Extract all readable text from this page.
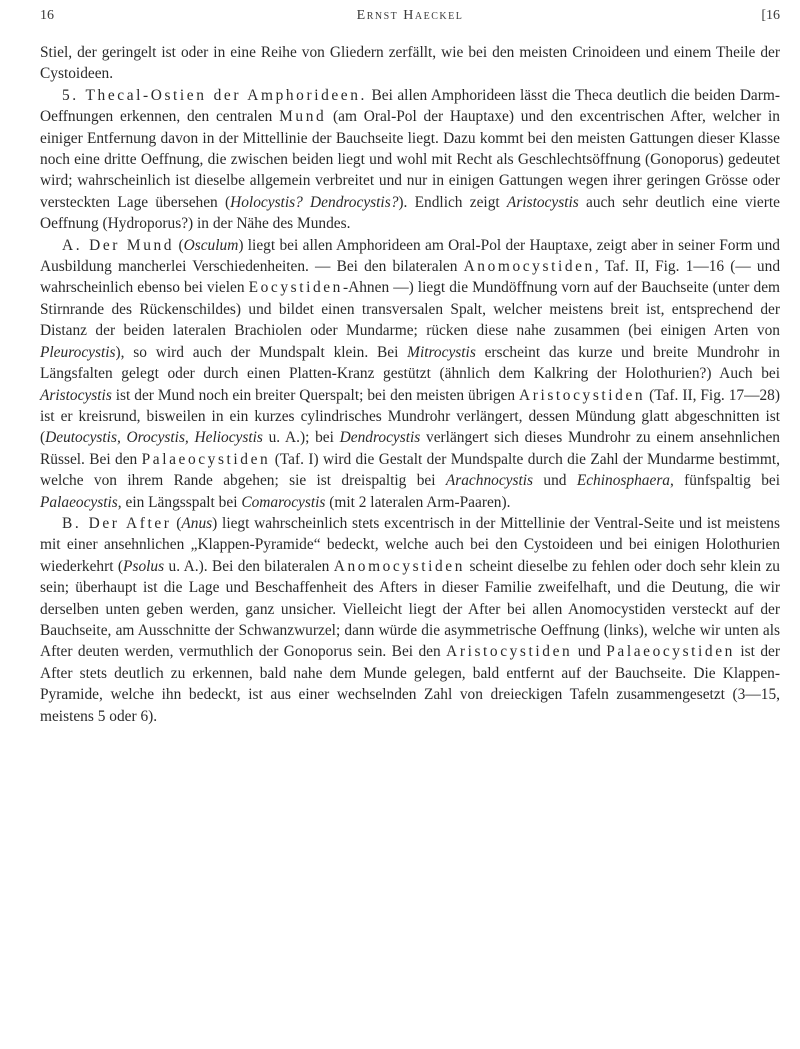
16	Ernst Haeckel	[16

Stiel, der geringelt ist oder in eine Reihe von Gliedern zerfällt, wie bei den meisten Crinoideen und einem Theile der Cystoideen.

5. Thecal-Ostien der Amphorideen. Bei allen Amphorideen lässt die Theca deutlich die beiden Darm-Oeffnungen erkennen, den centralen Mund (am Oral-Pol der Hauptaxe) und den excentrischen After, welcher in einiger Entfernung davon in der Mittellinie der Bauchseite liegt. Dazu kommt bei den meisten Gattungen dieser Klasse noch eine dritte Oeffnung, die zwischen beiden liegt und wohl mit Recht als Geschlechtsöffnung (Gonoporus) gedeutet wird; wahrscheinlich ist dieselbe allgemein verbreitet und nur in einigen Gattungen wegen ihrer geringen Grösse oder versteckten Lage übersehen (Holocystis? Dendrocystis?). Endlich zeigt Aristocystis auch sehr deutlich eine vierte Oeffnung (Hydroporus?) in der Nähe des Mundes.

A. Der Mund (Osculum) liegt bei allen Amphorideen am Oral-Pol der Hauptaxe, zeigt aber in seiner Form und Ausbildung mancherlei Verschiedenheiten. — Bei den bilateralen Anomocystiden, Taf. II, Fig. 1—16 (— und wahrscheinlich ebenso bei vielen Eocystiden-Ahnen —) liegt die Mundöffnung vorn auf der Bauchseite (unter dem Stirnrande des Rückenschildes) und bildet einen transversalen Spalt, welcher meistens breit ist, entsprechend der Distanz der beiden lateralen Brachiolen oder Mundarme; rücken diese nahe zusammen (bei einigen Arten von Pleurocystis), so wird auch der Mundspalt klein. Bei Mitrocystis erscheint das kurze und breite Mundrohr in Längsfalten gelegt oder durch einen Platten-Kranz gestützt (ähnlich dem Kalkring der Holothurien?) Auch bei Aristocystis ist der Mund noch ein breiter Querspalt; bei den meisten übrigen Aristocystiden (Taf. II, Fig. 17—28) ist er kreisrund, bisweilen in ein kurzes cylindrisches Mundrohr verlängert, dessen Mündung glatt abgeschnitten ist (Deutocystis, Orocystis, Heliocystis u. A.); bei Dendrocystis verlängert sich dieses Mundrohr zu einem ansehnlichen Rüssel. Bei den Palaeocystiden (Taf. I) wird die Gestalt der Mundspalte durch die Zahl der Mundarme bestimmt, welche von ihrem Rande abgehen; sie ist dreispaltig bei Arachnocystis und Echinosphaera, fünfspaltig bei Palaeocystis, ein Längsspalt bei Comarocystis (mit 2 lateralen Arm-Paaren).

B. Der After (Anus) liegt wahrscheinlich stets excentrisch in der Mittellinie der Ventral-Seite und ist meistens mit einer ansehnlichen „Klappen-Pyramide“ bedeckt, welche auch bei den Cystoideen und bei einigen Holothurien wiederkehrt (Psolus u. A.). Bei den bilateralen Anomocystiden scheint dieselbe zu fehlen oder doch sehr klein zu sein; überhaupt ist die Lage und Beschaffenheit des Afters in dieser Familie zweifelhaft, und die Deutung, die wir derselben unten geben werden, ganz unsicher. Vielleicht liegt der After bei allen Anomocystiden versteckt auf der Bauchseite, am Ausschnitte der Schwanzwurzel; dann würde die asymmetrische Oeffnung (links), welche wir unten als After deuten werden, vermuthlich der Gonoporus sein. Bei den Aristocystiden und Palaeocystiden ist der After stets deutlich zu erkennen, bald nahe dem Munde gelegen, bald entfernt auf der Bauchseite. Die Klappen-Pyramide, welche ihn bedeckt, ist aus einer wechselnden Zahl von dreieckigen Tafeln zusammengesetzt (3—15, meistens 5 oder 6).
